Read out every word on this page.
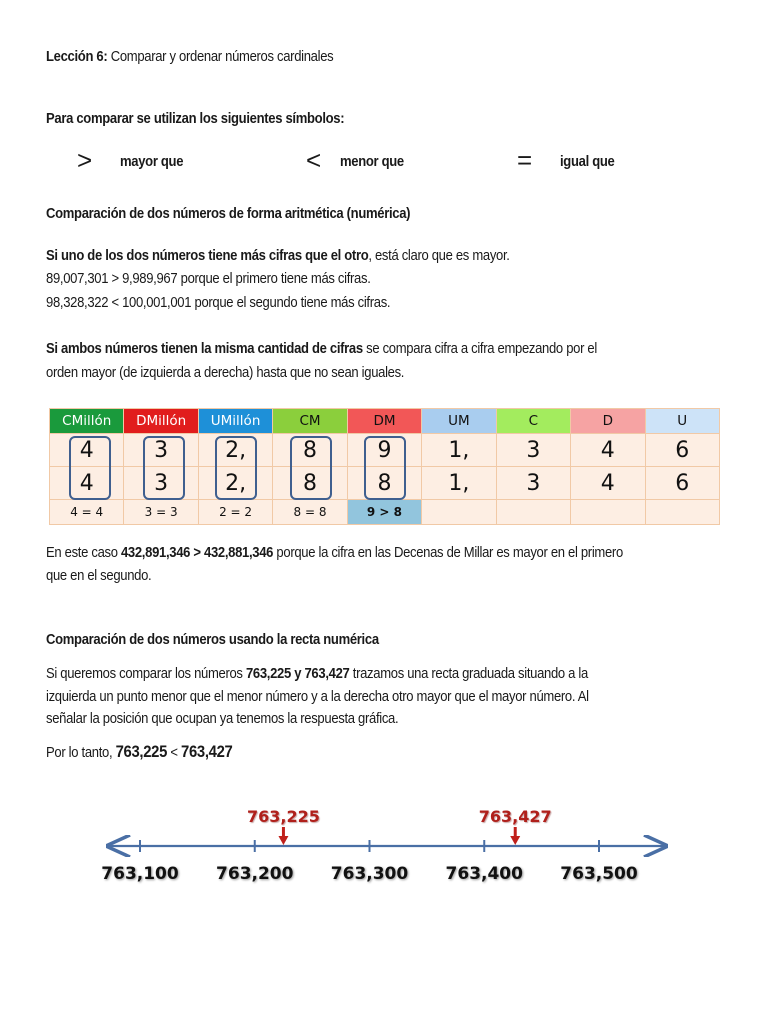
Lección 6: Comparar y ordenar números cardinales
Para comparar se utilizan los siguientes símbolos:
> mayor que	< menor que	= igual que
Comparación de dos números de forma aritmética (numérica)
Si uno de los dos números tiene más cifras que el otro, está claro que es mayor.
89,007,301 > 9,989,967 porque el primero tiene más cifras.
98,328,322 < 100,001,001 porque el segundo tiene más cifras.
Si ambos números tienen la misma cantidad de cifras se compara cifra a cifra empezando por el
orden mayor (de izquierda a derecha) hasta que no sean iguales.
CMillón	DMillón	UMillón	CM	DM	UM	C	D	U
4	3	2,	8	9	1,	3	4	6
4	3	2,	8	8	1,	3	4	6
4 = 4	3 = 3	2 = 2	8 = 8	9 > 8				
En este caso 432,891,346 > 432,881,346 porque la cifra en las Decenas de Millar es mayor en el primero
que en el segundo.
Comparación de dos números usando la recta numérica
Si queremos comparar los números 763,225 y 763,427 trazamos una recta graduada situando a la
izquierda un punto menor que el menor número y a la derecha otro mayor que el mayor número. Al
señalar la posición que ocupan ya tenemos la respuesta gráfica.
Por lo tanto, 763,225 < 763,427
763,100 763,200 763,300 763,400 763,500
763,225	763,427
